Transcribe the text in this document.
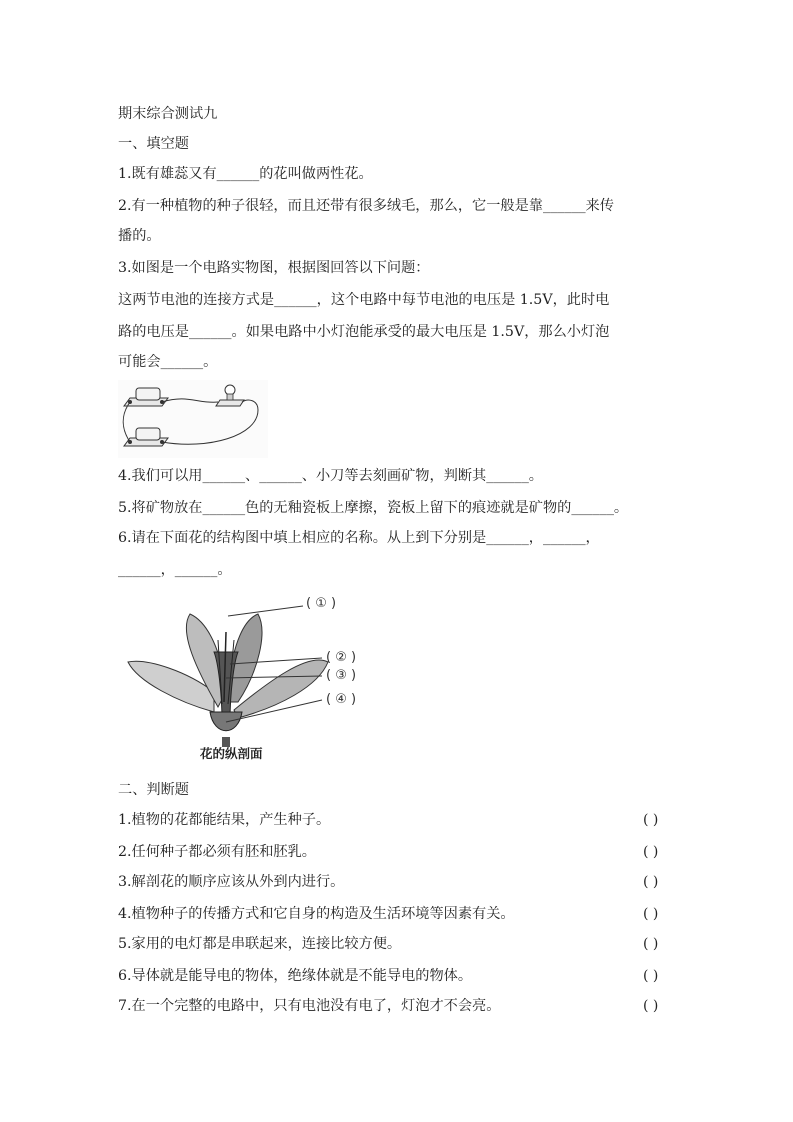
期末综合测试九

一、填空题

1.既有雄蕊又有______的花叫做两性花。

2.有一种植物的种子很轻，而且还带有很多绒毛，那么，它一般是靠______来传

播的。

3.如图是一个电路实物图，根据图回答以下问题：

这两节电池的连接方式是______，这个电路中每节电池的电压是 1.5V，此时电

路的电压是______。如果电路中小灯泡能承受的最大电压是 1.5V，那么小灯泡

可能会______。

4.我们可以用______、______、小刀等去刻画矿物，判断其______。

5.将矿物放在______色的无釉瓷板上摩擦，瓷板上留下的痕迹就是矿物的______。

6.请在下面花的结构图中填上相应的名称。从上到下分别是______，______，

______，______。

( ① )
( ② )
( ③ )
( ④ )
花的纵剖面

二、判断题

1.植物的花都能结果，产生种子。	( )

2.任何种子都必须有胚和胚乳。	( )

3.解剖花的顺序应该从外到内进行。	( )

4.植物种子的传播方式和它自身的构造及生活环境等因素有关。	( )

5.家用的电灯都是串联起来，连接比较方便。	( )

6.导体就是能导电的物体，绝缘体就是不能导电的物体。	( )

7.在一个完整的电路中，只有电池没有电了，灯泡才不会亮。	( )
